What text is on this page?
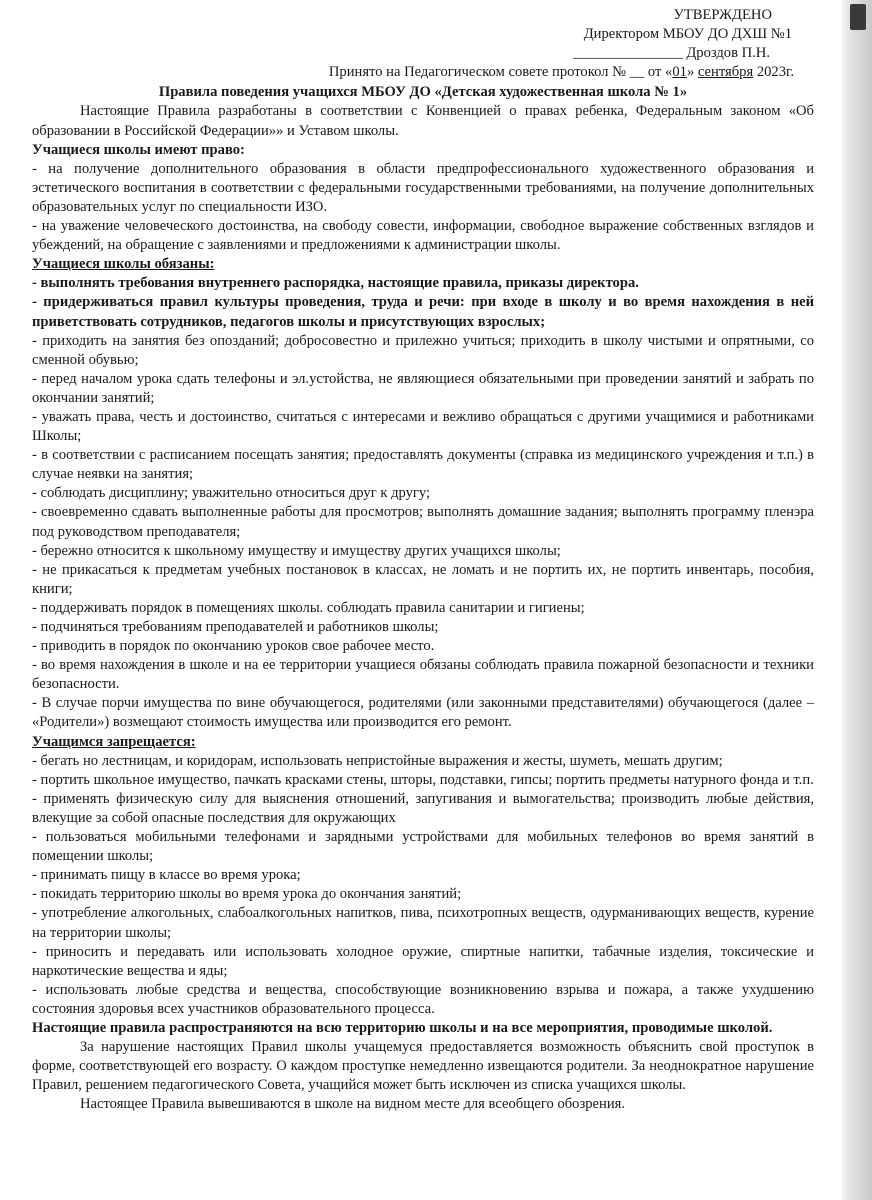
УТВЕРЖДЕНО
Директором МБОУ ДО ДХШ №1
_______________ Дроздов П.Н.
Принято на Педагогическом совете протокол № __ от «01» сентября 2023г.
Правила поведения учащихся МБОУ ДО «Детская художественная школа № 1»

Настоящие Правила разработаны в соответствии с Конвенцией о правах ребенка, Федеральным законом «Об образовании в Российской Федерации»» и Уставом школы.

Учащиеся школы имеют право:

- на получение дополнительного образования в области предпрофессионального художественного образования и эстетического воспитания в соответствии с федеральными государственными требованиями, на получение дополнительных образовательных услуг по специальности ИЗО.

- на уважение человеческого достоинства, на свободу совести, информации, свободное выражение собственных взглядов и убеждений, на обращение с заявлениями и предложениями к администрации школы.

Учащиеся школы обязаны:

- выполнять требования внутреннего распорядка, настоящие правила, приказы директора.

- придерживаться правил культуры проведения, труда и речи: при входе в школу и во время нахождения в ней приветствовать сотрудников, педагогов школы и присутствующих взрослых;

- приходить на занятия без опозданий; добросовестно и прилежно учиться; приходить в школу чистыми и опрятными, со сменной обувью;

- перед началом урока сдать телефоны и эл.устойства, не являющиеся обязательными при проведении занятий и забрать по окончании занятий;

- уважать права, честь и достоинство, считаться с интересами и вежливо обращаться с другими учащимися и работниками Школы;

- в соответствии с расписанием посещать занятия; предоставлять документы (справка из медицинского учреждения и т.п.) в случае неявки на занятия;

- соблюдать дисциплину; уважительно относиться друг к другу;

- своевременно сдавать выполненные работы для просмотров; выполнять домашние задания; выполнять программу пленэра под руководством преподавателя;

- бережно относится к школьному имуществу и имуществу других учащихся школы;

- не прикасаться к предметам учебных постановок в классах, не ломать и не портить их, не портить инвентарь, пособия, книги;

- поддерживать порядок в помещениях школы. соблюдать правила санитарии и гигиены;

- подчиняться требованиям преподавателей и работников школы;

- приводить в порядок по окончанию уроков свое рабочее место.

- во время нахождения в школе и на ее территории учащиеся обязаны соблюдать правила пожарной безопасности и техники безопасности.

- В случае порчи имущества по вине обучающегося, родителями (или законными представителями) обучающегося (далее – «Родители») возмещают стоимость имущества или производится его ремонт.

Учащимся запрещается:

- бегать но лестницам, и коридорам, использовать непристойные выражения и жесты, шуметь, мешать другим;

- портить школьное имущество, пачкать красками стены, шторы, подставки, гипсы; портить предметы натурного фонда и т.п.

- применять физическую силу для выяснения отношений, запугивания и вымогательства; производить любые действия, влекущие за собой опасные последствия для окружающих

- пользоваться мобильными телефонами и зарядными устройствами для мобильных телефонов во время занятий в помещении школы;

- принимать пищу в классе во время урока;

- покидать территорию школы во время урока до окончания занятий;

- употребление алкогольных, слабоалкогольных напитков, пива, психотропных веществ, одурманивающих веществ, курение на территории школы;

- приносить и передавать или использовать холодное оружие, спиртные напитки, табачные изделия, токсические и наркотические вещества и яды;

- использовать любые средства и вещества, способствующие возникновению взрыва и пожара, а также ухудшению состояния здоровья всех участников образовательного процесса.

Настоящие правила распространяются на всю территорию школы и на все мероприятия, проводимые школой.

За нарушение настоящих Правил школы учащемуся предоставляется возможность объяснить свой проступок в форме, соответствующей его возрасту. О каждом проступке немедленно извещаются родители. За неоднократное нарушение Правил, решением педагогического Совета, учащийся может быть исключен из списка учащихся школы.

Настоящее Правила вывешиваются в школе на видном месте для всеобщего обозрения.
